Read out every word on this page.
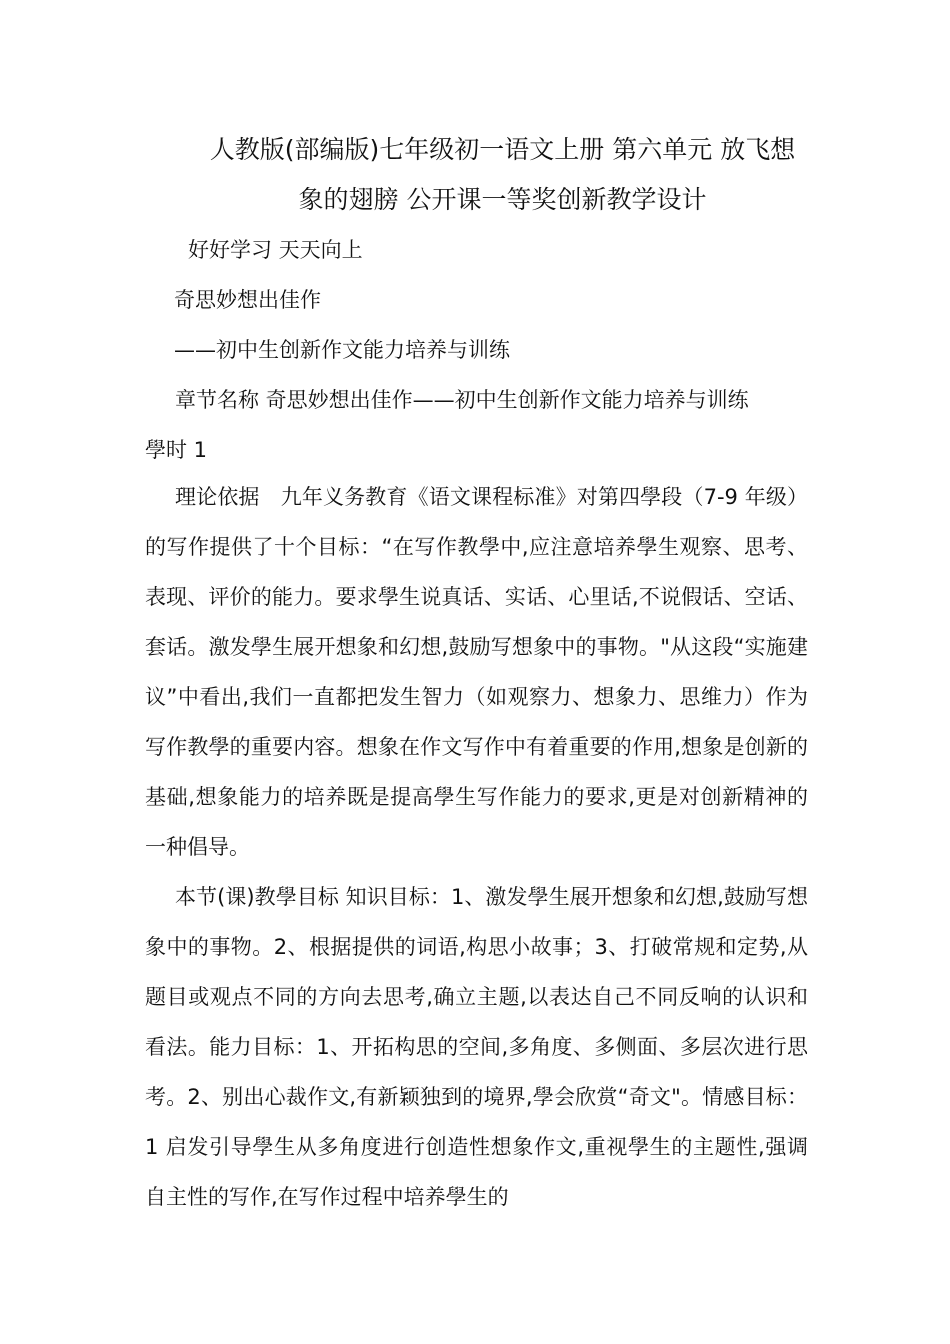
人教版(部编版)七年级初一语文上册 第六单元 放飞想
象的翅膀 公开课一等奖创新教学设计
好好学习 天天向上
奇思妙想出佳作
——初中生创新作文能力培养与训练
章节名称 奇思妙想出佳作——初中生创新作文能力培养与训练
學时 1
理论依据　九年义务教育《语文课程标准》对第四學段（7-9 年级）的写作提供了十个目标：“在写作教學中,应注意培养學生观察、思考、表现、评价的能力。要求學生说真话、实话、心里话,不说假话、空话、套话。激发學生展开想象和幻想,鼓励写想象中的事物。"从这段“实施建议”中看出,我们一直都把发生智力（如观察力、想象力、思维力）作为写作教學的重要内容。想象在作文写作中有着重要的作用,想象是创新的基础,想象能力的培养既是提高學生写作能力的要求,更是对创新精神的一种倡导。
本节(课)教學目标 知识目标：1、激发學生展开想象和幻想,鼓励写想象中的事物。2、根据提供的词语,构思小故事；3、打破常规和定势,从题目或观点不同的方向去思考,确立主题,以表达自己不同反响的认识和看法。能力目标：1、开拓构思的空间,多角度、多侧面、多层次进行思考。2、别出心裁作文,有新颖独到的境界,學会欣赏“奇文"。情感目标：1 启发引导學生从多角度进行创造性想象作文,重视學生的主题性,强调自主性的写作,在写作过程中培养學生的
